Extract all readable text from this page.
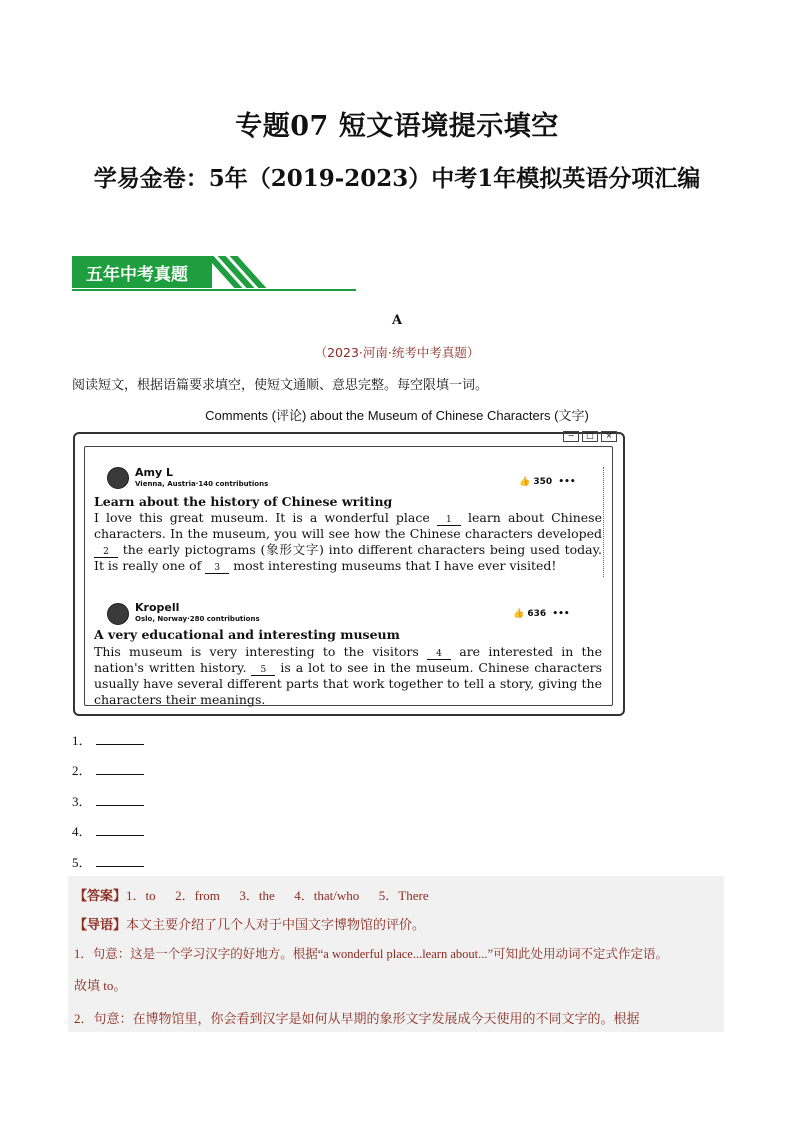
专题07 短文语境提示填空
学易金卷：5年（2019-2023）中考1年模拟英语分项汇编
五年中考真题
A
（2023·河南·统考中考真题）
阅读短文，根据语篇要求填空，使短文通顺、意思完整。每空限填一词。
Comments (评论) about the Museum of Chinese Characters (文字)
−	□	×
Amy L
Vienna, Austria·140 contributions	👍 350  •••
Learn about the history of Chinese writing
I love this great museum. It is a wonderful place 1 learn about Chinese characters. In the museum, you will see how the Chinese characters developed 2 the early pictograms (象形文字) into different characters being used today. It is really one of 3 most interesting museums that I have ever visited!
Kropell
Oslo, Norway·280 contributions	👍 636  •••
A very educational and interesting museum
This museum is very interesting to the visitors 4 are interested in the nation's written history. 5 is a lot to see in the museum. Chinese characters usually have several different parts that work together to tell a story, giving the characters their meanings.
1．
2．
3．
4．
5．
【答案】1．to      2．from      3．the      4．that/who      5．There
【导语】本文主要介绍了几个人对于中国文字博物馆的评价。
1．句意：这是一个学习汉字的好地方。根据“a wonderful place...learn about...”可知此处用动词不定式作定语。
故填 to。
2．句意：在博物馆里，你会看到汉字是如何从早期的象形文字发展成今天使用的不同文字的。根据
